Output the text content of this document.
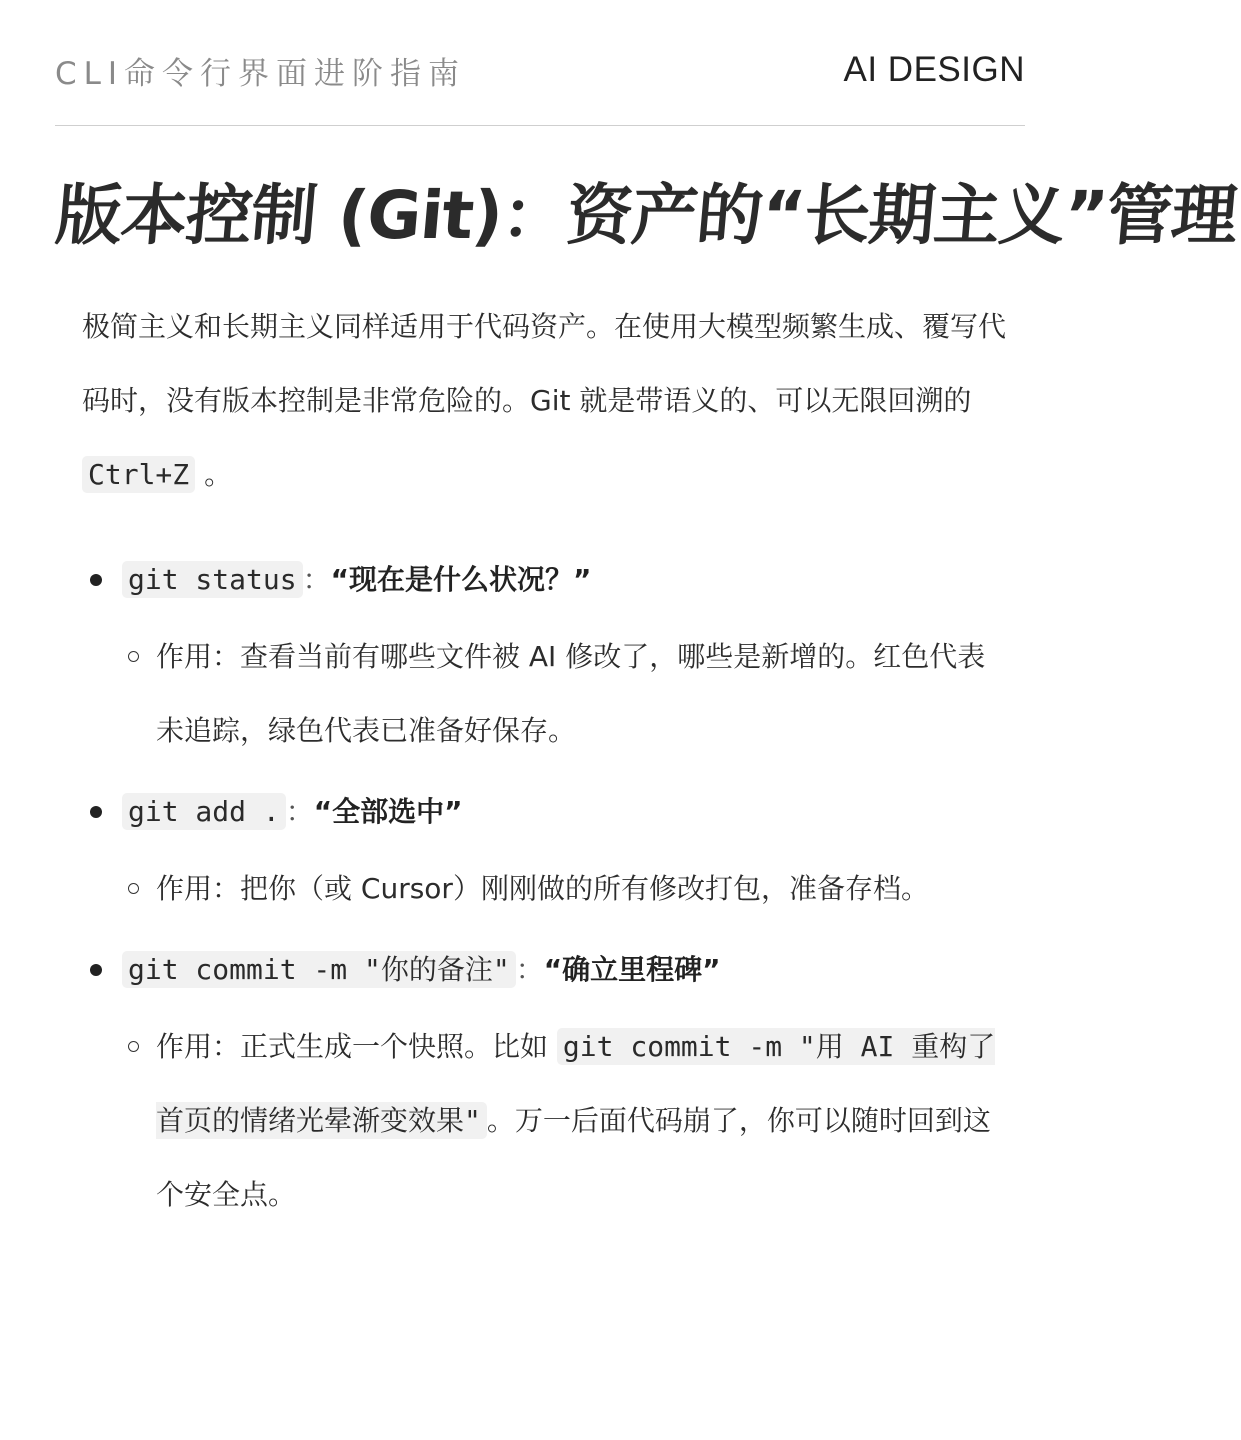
CLI命令行界面进阶指南	AI DESIGN
版本控制 (Git)：资产的“长期主义”管理

极简主义和长期主义同样适用于代码资产。在使用大模型频繁生成、覆写代码时，没有版本控制是非常危险的。Git 就是带语义的、可以无限回溯的 Ctrl+Z 。

git status ：“现在是什么状况？”
作用：查看当前有哪些文件被 AI 修改了，哪些是新增的。红色代表未追踪，绿色代表已准备好保存。
git add . ：“全部选中”
作用：把你（或 Cursor）刚刚做的所有修改打包，准备存档。
git commit -m "你的备注" ：“确立里程碑”
作用：正式生成一个快照。比如 git commit -m "用 AI 重构了首页的情绪光晕渐变效果" 。万一后面代码崩了，你可以随时回到这个安全点。
